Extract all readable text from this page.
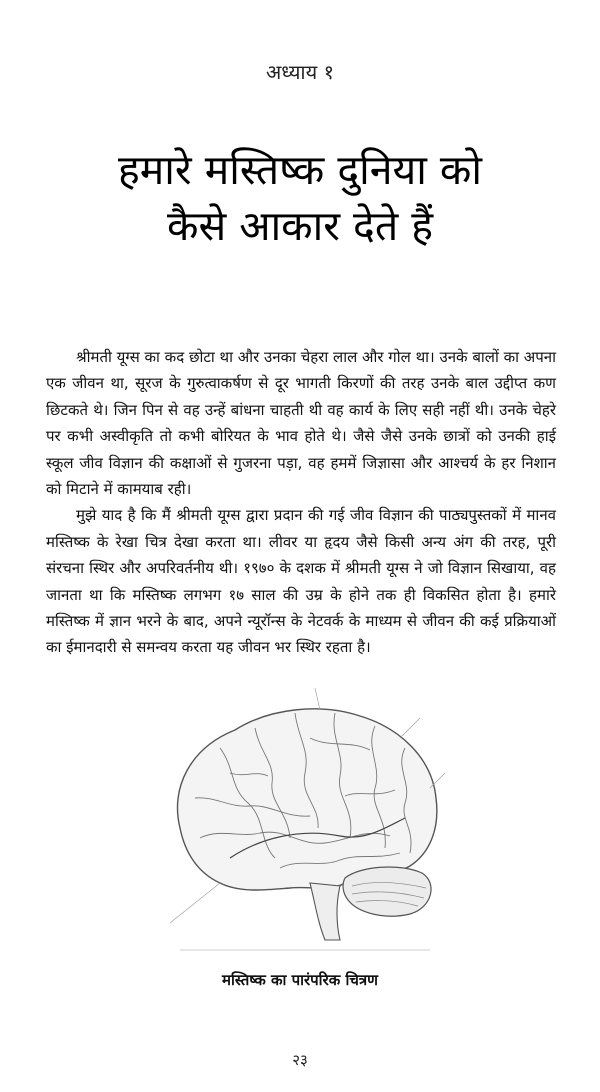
अध्याय १
हमारे मस्तिष्क दुनिया को
कैसे आकार देते हैं

श्रीमती यूग्स का कद छोटा था और उनका चेहरा लाल और गोल था। उनके बालों का अपना एक जीवन था, सूरज के गुरुत्वाकर्षण से दूर भागती किरणों की तरह उनके बाल उद्दीप्त कण छिटकते थे। जिन पिन से वह उन्हें बांधना चाहती थी वह कार्य के लिए सही नहीं थी। उनके चेहरे पर कभी अस्वीकृति तो कभी बोरियत के भाव होते थे। जैसे जैसे उनके छात्रों को उनकी हाई स्कूल जीव विज्ञान की कक्षाओं से गुजरना पड़ा, वह हममें जिज्ञासा और आश्चर्य के हर निशान को मिटाने में कामयाब रही।

मुझे याद है कि मैं श्रीमती यूग्स द्वारा प्रदान की गई जीव विज्ञान की पाठ्यपुस्तकों में मानव मस्तिष्क के रेखा चित्र देखा करता था। लीवर या हृदय जैसे किसी अन्य अंग की तरह, पूरी संरचना स्थिर और अपरिवर्तनीय थी। १९७० के दशक में श्रीमती यूग्स ने जो विज्ञान सिखाया, वह जानता था कि मस्तिष्क लगभग १७ साल की उम्र के होने तक ही विकसित होता है। हमारे मस्तिष्क में ज्ञान भरने के बाद, अपने न्यूरॉन्स के नेटवर्क के माध्यम से जीवन की कई प्रक्रियाओं का ईमानदारी से समन्वय करता यह जीवन भर स्थिर रहता है।

मस्तिष्क का पारंपरिक चित्रण
२३
